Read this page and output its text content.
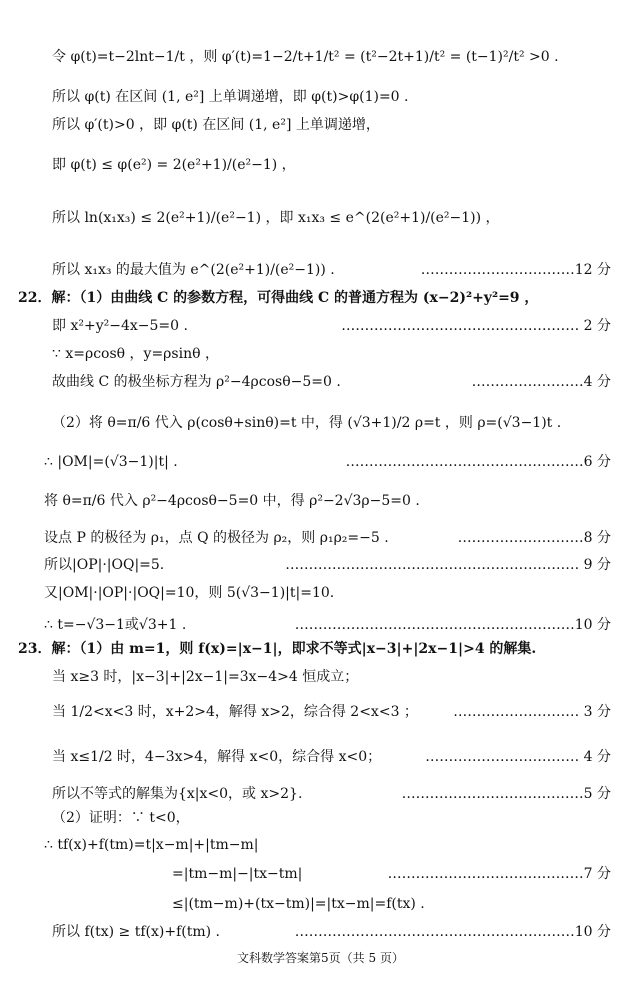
令 φ(t)=t−2lnt−1/t ，则 φ′(t)=1−2/t+1/t² = (t²−2t+1)/t² = (t−1)²/t² >0 .
所以 φ(t) 在区间 (1, e²] 上单调递增，即 φ(t)>φ(1)=0 .
所以 φ′(t)>0 ，即 φ(t) 在区间 (1, e²] 上单调递增，
即 φ(t) ≤ φ(e²) = 2(e²+1)/(e²−1) ，
所以 ln(x₁x₃) ≤ 2(e²+1)/(e²−1) ，即 x₁x₃ ≤ e^(2(e²+1)/(e²−1)) ，
所以 x₁x₃ 的最大值为 e^(2(e²+1)/(e²−1)) .	……………………………12 分
22．解：（1）由曲线 C 的参数方程，可得曲线 C 的普通方程为 (x−2)²+y²=9 ，
即 x²+y²−4x−5=0 .	…………………………………………… 2 分
∵ x=ρcosθ ，y=ρsinθ ，
故曲线 C 的极坐标方程为 ρ²−4ρcosθ−5=0 .	……………………4 分
（2）将 θ=π/6 代入 ρ(cosθ+sinθ)=t 中，得 (√3+1)/2 ρ=t ，则 ρ=(√3−1)t .
∴ |OM|=(√3−1)|t| .	……………………………………………6 分
将 θ=π/6 代入 ρ²−4ρcosθ−5=0 中，得 ρ²−2√3ρ−5=0 .
设点 P 的极径为 ρ₁，点 Q 的极径为 ρ₂，则 ρ₁ρ₂=−5 .	………………………8 分
所以|OP|·|OQ|=5.	……………………………………………………… 9 分
又|OM|·|OP|·|OQ|=10，则 5(√3−1)|t|=10.
∴ t=−√3−1或√3+1 .	……………………………………………………10 分
23．解：（1）由 m=1，则 f(x)=|x−1|，即求不等式|x−3|+|2x−1|>4 的解集.
当 x≥3 时，|x−3|+|2x−1|=3x−4>4 恒成立；
当 1/2<x<3 时，x+2>4，解得 x>2，综合得 2<x<3 ；	……………………… 3 分
当 x≤1/2 时，4−3x>4，解得 x<0，综合得 x<0；	…………………………… 4 分
所以不等式的解集为{x|x<0，或 x>2}.	…………………………………5 分
（2）证明：∵ t<0，
∴ tf(x)+f(tm)=t|x−m|+|tm−m|
=|tm−m|−|tx−tm|	……………………………………7 分
≤|(tm−m)+(tx−tm)|=|tx−m|=f(tx) .
所以 f(tx) ≥ tf(x)+f(tm) .	……………………………………………………10 分
文科数学答案第5页（共 5 页）
